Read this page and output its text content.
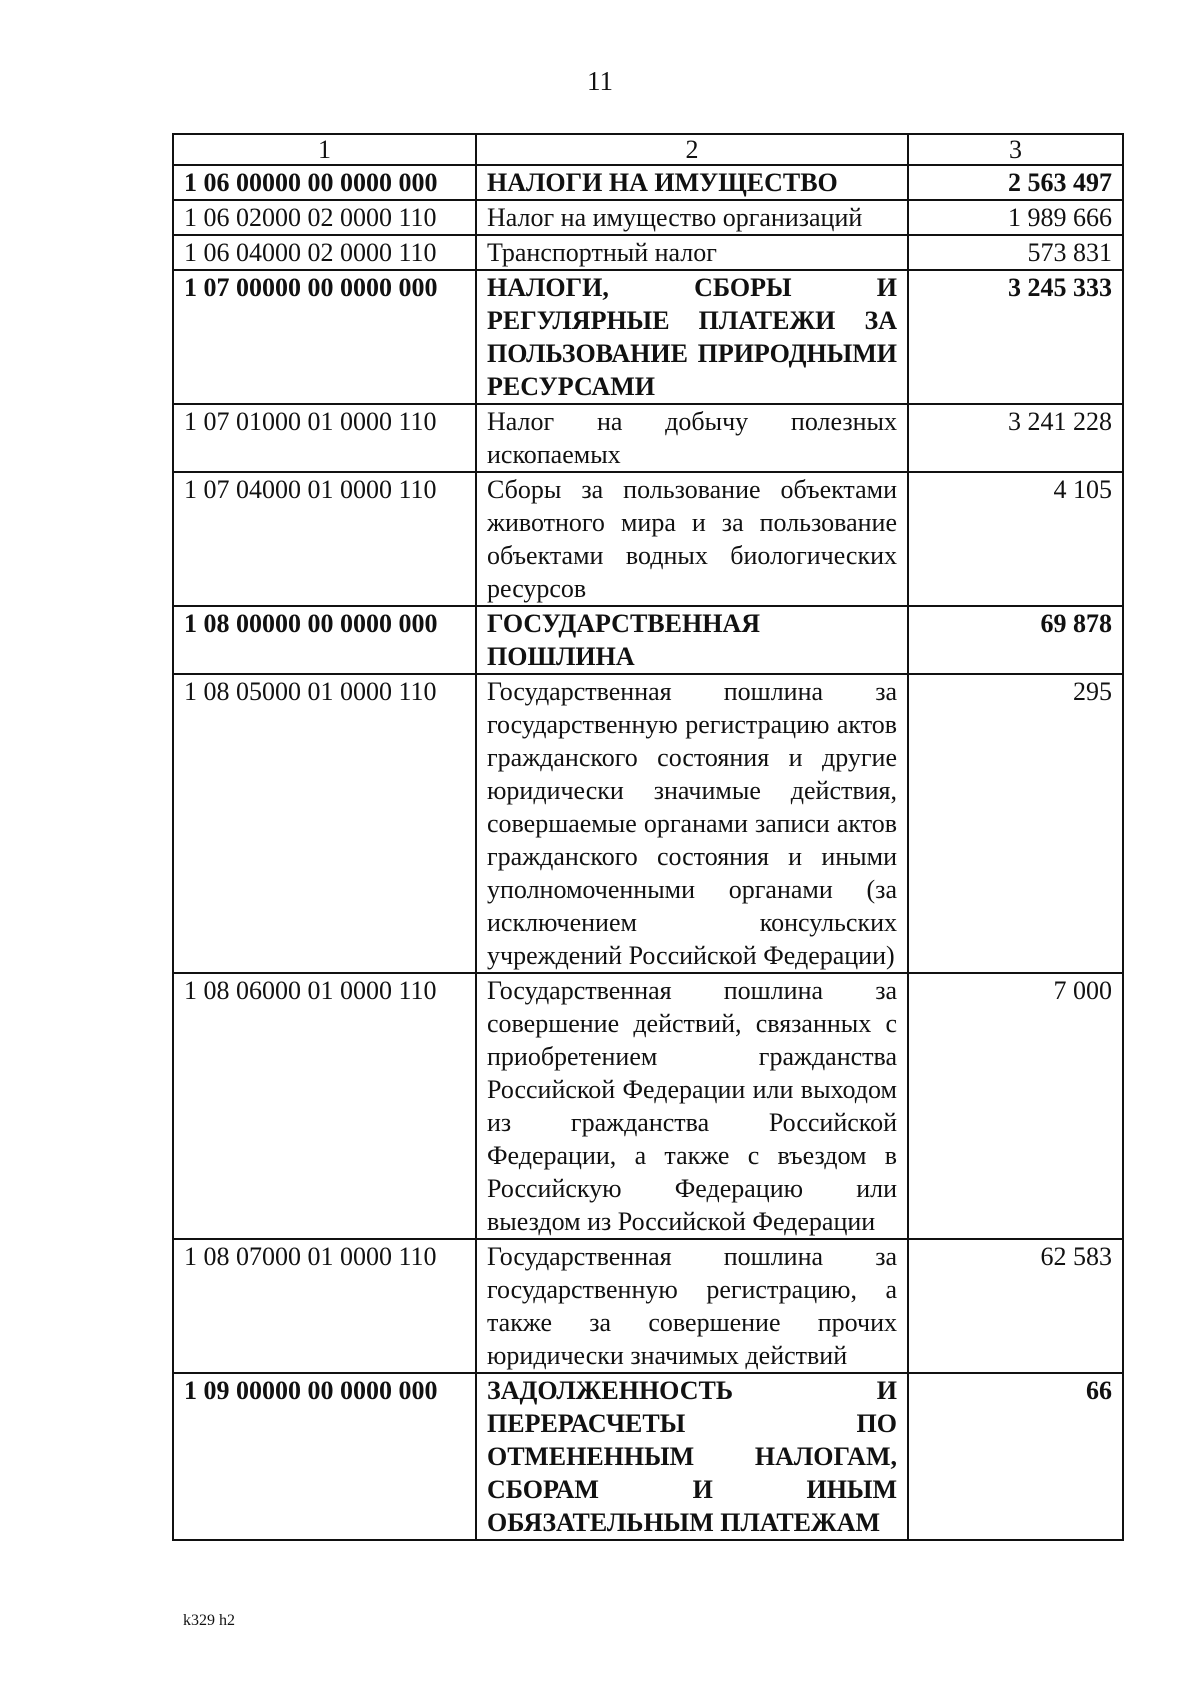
11
1	2	3
1 06 00000 00 0000 000	НАЛОГИ НА ИМУЩЕСТВО	2 563 497
1 06 02000 02 0000 110	Налог на имущество организаций	1 989 666
1 06 04000 02 0000 110	Транспортный налог	573 831
1 07 00000 00 0000 000	НАЛОГИ, СБОРЫ И РЕГУЛЯРНЫЕ ПЛАТЕЖИ ЗА ПОЛЬЗОВАНИЕ ПРИРОДНЫМИ РЕСУРСАМИ	3 245 333
1 07 01000 01 0000 110	Налог на добычу полезных ископаемых	3 241 228
1 07 04000 01 0000 110	Сборы за пользование объектами животного мира и за пользование объектами водных биологических ресурсов	4 105
1 08 00000 00 0000 000	ГОСУДАРСТВЕННАЯ ПОШЛИНА	69 878
1 08 05000 01 0000 110	Государственная пошлина за государственную регистрацию актов гражданского состояния и другие юридически значимые действия, совершаемые органами записи актов гражданского состояния и иными уполномоченными органами (за исключением консульских учреждений Российской Федерации)	295
1 08 06000 01 0000 110	Государственная пошлина за совершение действий, связанных с приобретением гражданства Российской Федерации или выходом из гражданства Российской Федерации, а также с въездом в Российскую Федерацию или выездом из Российской Федерации	7 000
1 08 07000 01 0000 110	Государственная пошлина за государственную регистрацию, а также за совершение прочих юридически значимых действий	62 583
1 09 00000 00 0000 000	ЗАДОЛЖЕННОСТЬ И ПЕРЕРАСЧЕТЫ ПО ОТМЕНЕННЫМ НАЛОГАМ, СБОРАМ И ИНЫМ ОБЯЗАТЕЛЬНЫМ ПЛАТЕЖАМ	66
k329 h2
